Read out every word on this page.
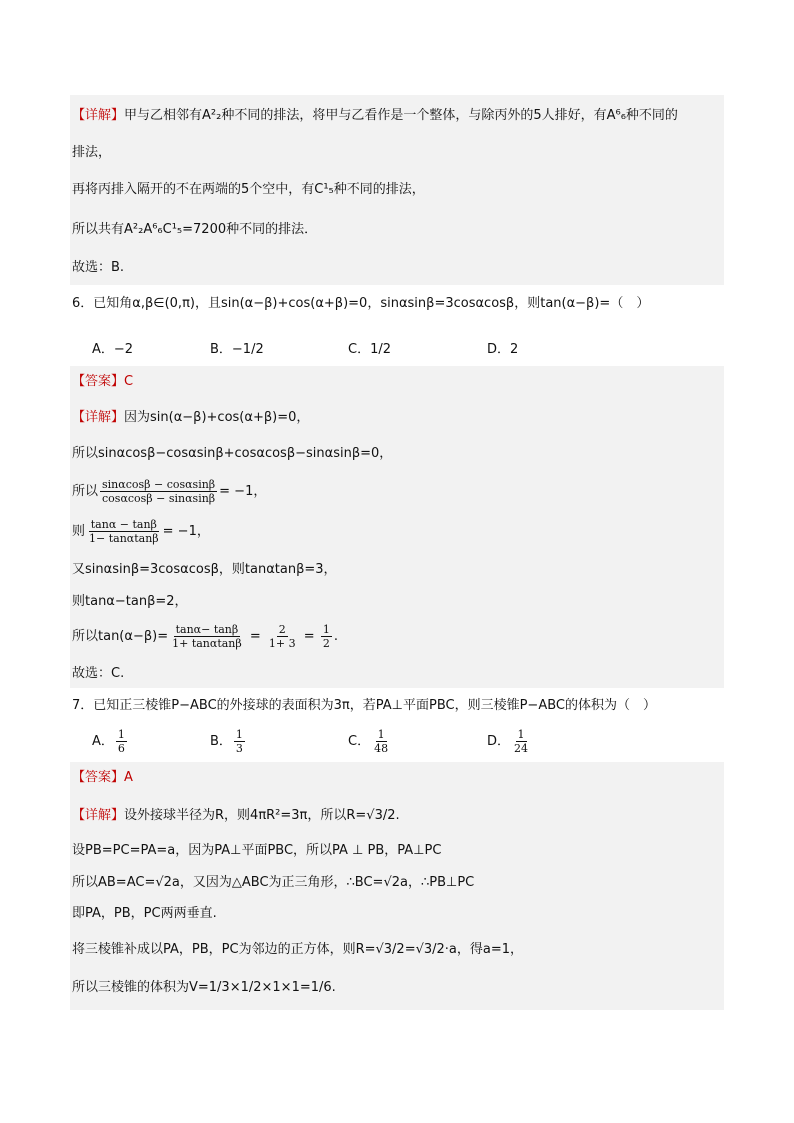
【详解】甲与乙相邻有A²₂种不同的排法，将甲与乙看作是一个整体，与除丙外的5人排好，有A⁶₆种不同的
排法，
再将丙排入隔开的不在两端的5个空中，有C¹₅种不同的排法，
所以共有A²₂A⁶₆C¹₅=7200种不同的排法．
故选：B.
6．已知角α,β∈(0,π)，且sin(α−β)+cos(α+β)=0，sinαsinβ=3cosαcosβ，则tan(α−β)=（　）
A．−2	B．−1/2	C．1/2	D．2
【答案】C
【详解】因为sin(α−β)+cos(α+β)=0，
所以sinαcosβ−cosαsinβ+cosαcosβ−sinαsinβ=0，
所以 $\frac{\sin\alpha\cos\beta - \cos\alpha\sin\beta}{\cos\alpha\cos\beta - \sin\alpha\sin\beta} = -1$，
则 $\frac{\tan\alpha - \tan\beta}{1- \tan\alpha\tan\beta} = -1$，
又sinαsinβ=3cosαcosβ，则tanαtanβ=3，
则tanα−tanβ=2，
所以$\tan(\alpha-\beta)= \frac{\tan\alpha- \tan\beta}{1+ \tan\alpha\tan\beta} = \frac{2}{1+ 3} = \frac{1}{2}$ .
故选：C.
7．已知正三棱锥P−ABC的外接球的表面积为3π，若PA⊥平面PBC，则三棱锥P−ABC的体积为（　）
A． $\frac{1}{6}$	B． $\frac{1}{3}$	C． $\frac{1}{48}$	D． $\frac{1}{24}$
【答案】A
【详解】设外接球半径为R，则4πR²=3π，所以R=√3/2.
设PB=PC=PA=a，因为PA⊥平面PBC，所以PA ⊥ PB，PA⊥PC
所以AB=AC=√2a，又因为△ABC为正三角形，∴BC=√2a，∴PB⊥PC
即PA，PB，PC两两垂直.
将三棱锥补成以PA，PB，PC为邻边的正方体，则R=√3/2=√3/2·a，得a=1，
所以三棱锥的体积为V=1/3×1/2×1×1=1/6.
